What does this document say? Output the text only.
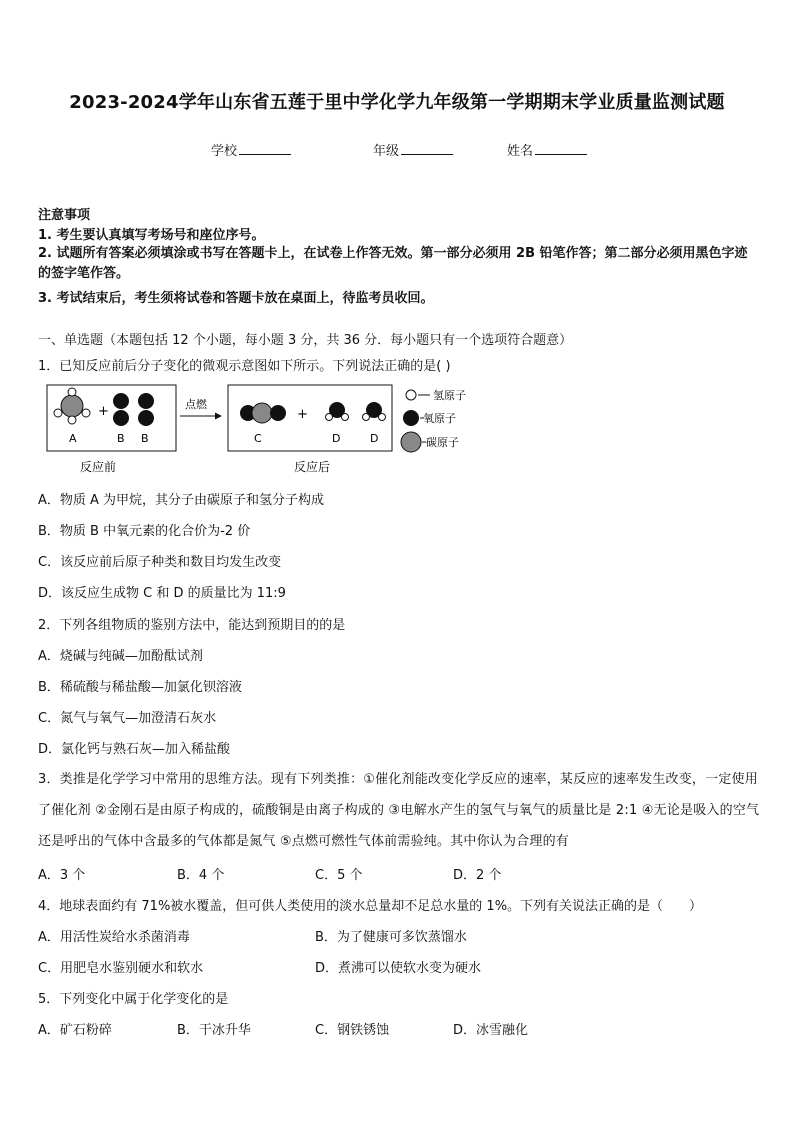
2023-2024学年山东省五莲于里中学化学九年级第一学期期末学业质量监测试题
学校	年级	姓名
注意事项
1. 考生要认真填写考场号和座位序号。
2. 试题所有答案必须填涂或书写在答题卡上，在试卷上作答无效。第一部分必须用 2B 铅笔作答；第二部分必须用黑色字迹的签字笔作答。
3. 考试结束后，考生须将试卷和答题卡放在桌面上，待监考员收回。
一、单选题（本题包括 12 个小题，每小题 3 分，共 36 分．每小题只有一个选项符合题意）
1．已知反应前后分子变化的微观示意图如下所示。下列说法正确的是( )
+
A	B B
点燃
+
C	D	D
反应前	反应后
氢原子
氧原子
碳原子
A．物质 A 为甲烷，其分子由碳原子和氢分子构成
B．物质 B 中氧元素的化合价为-2 价
C．该反应前后原子种类和数目均发生改变
D．该反应生成物 C 和 D 的质量比为 11:9
2．下列各组物质的鉴别方法中，能达到预期目的的是
A．烧碱与纯碱—加酚酞试剂
B．稀硫酸与稀盐酸—加氯化钡溶液
C．氮气与氧气—加澄清石灰水
D．氯化钙与熟石灰—加入稀盐酸
3．类推是化学学习中常用的思维方法。现有下列类推：①催化剂能改变化学反应的速率，某反应的速率发生改变，一定使用了催化剂 ②金刚石是由原子构成的，硫酸铜是由离子构成的 ③电解水产生的氢气与氧气的质量比是 2:1 ④无论是吸入的空气还是呼出的气体中含最多的气体都是氮气 ⑤点燃可燃性气体前需验纯。其中你认为合理的有
A．3 个	B．4 个	C．5 个	D．2 个
4．地球表面约有 71%被水覆盖，但可供人类使用的淡水总量却不足总水量的 1%。下列有关说法正确的是（　　）
A．用活性炭给水杀菌消毒	B．为了健康可多饮蒸馏水
C．用肥皂水鉴别硬水和软水	D．煮沸可以使软水变为硬水
5．下列变化中属于化学变化的是
A．矿石粉碎	B．干冰升华	C．钢铁锈蚀	D．冰雪融化
